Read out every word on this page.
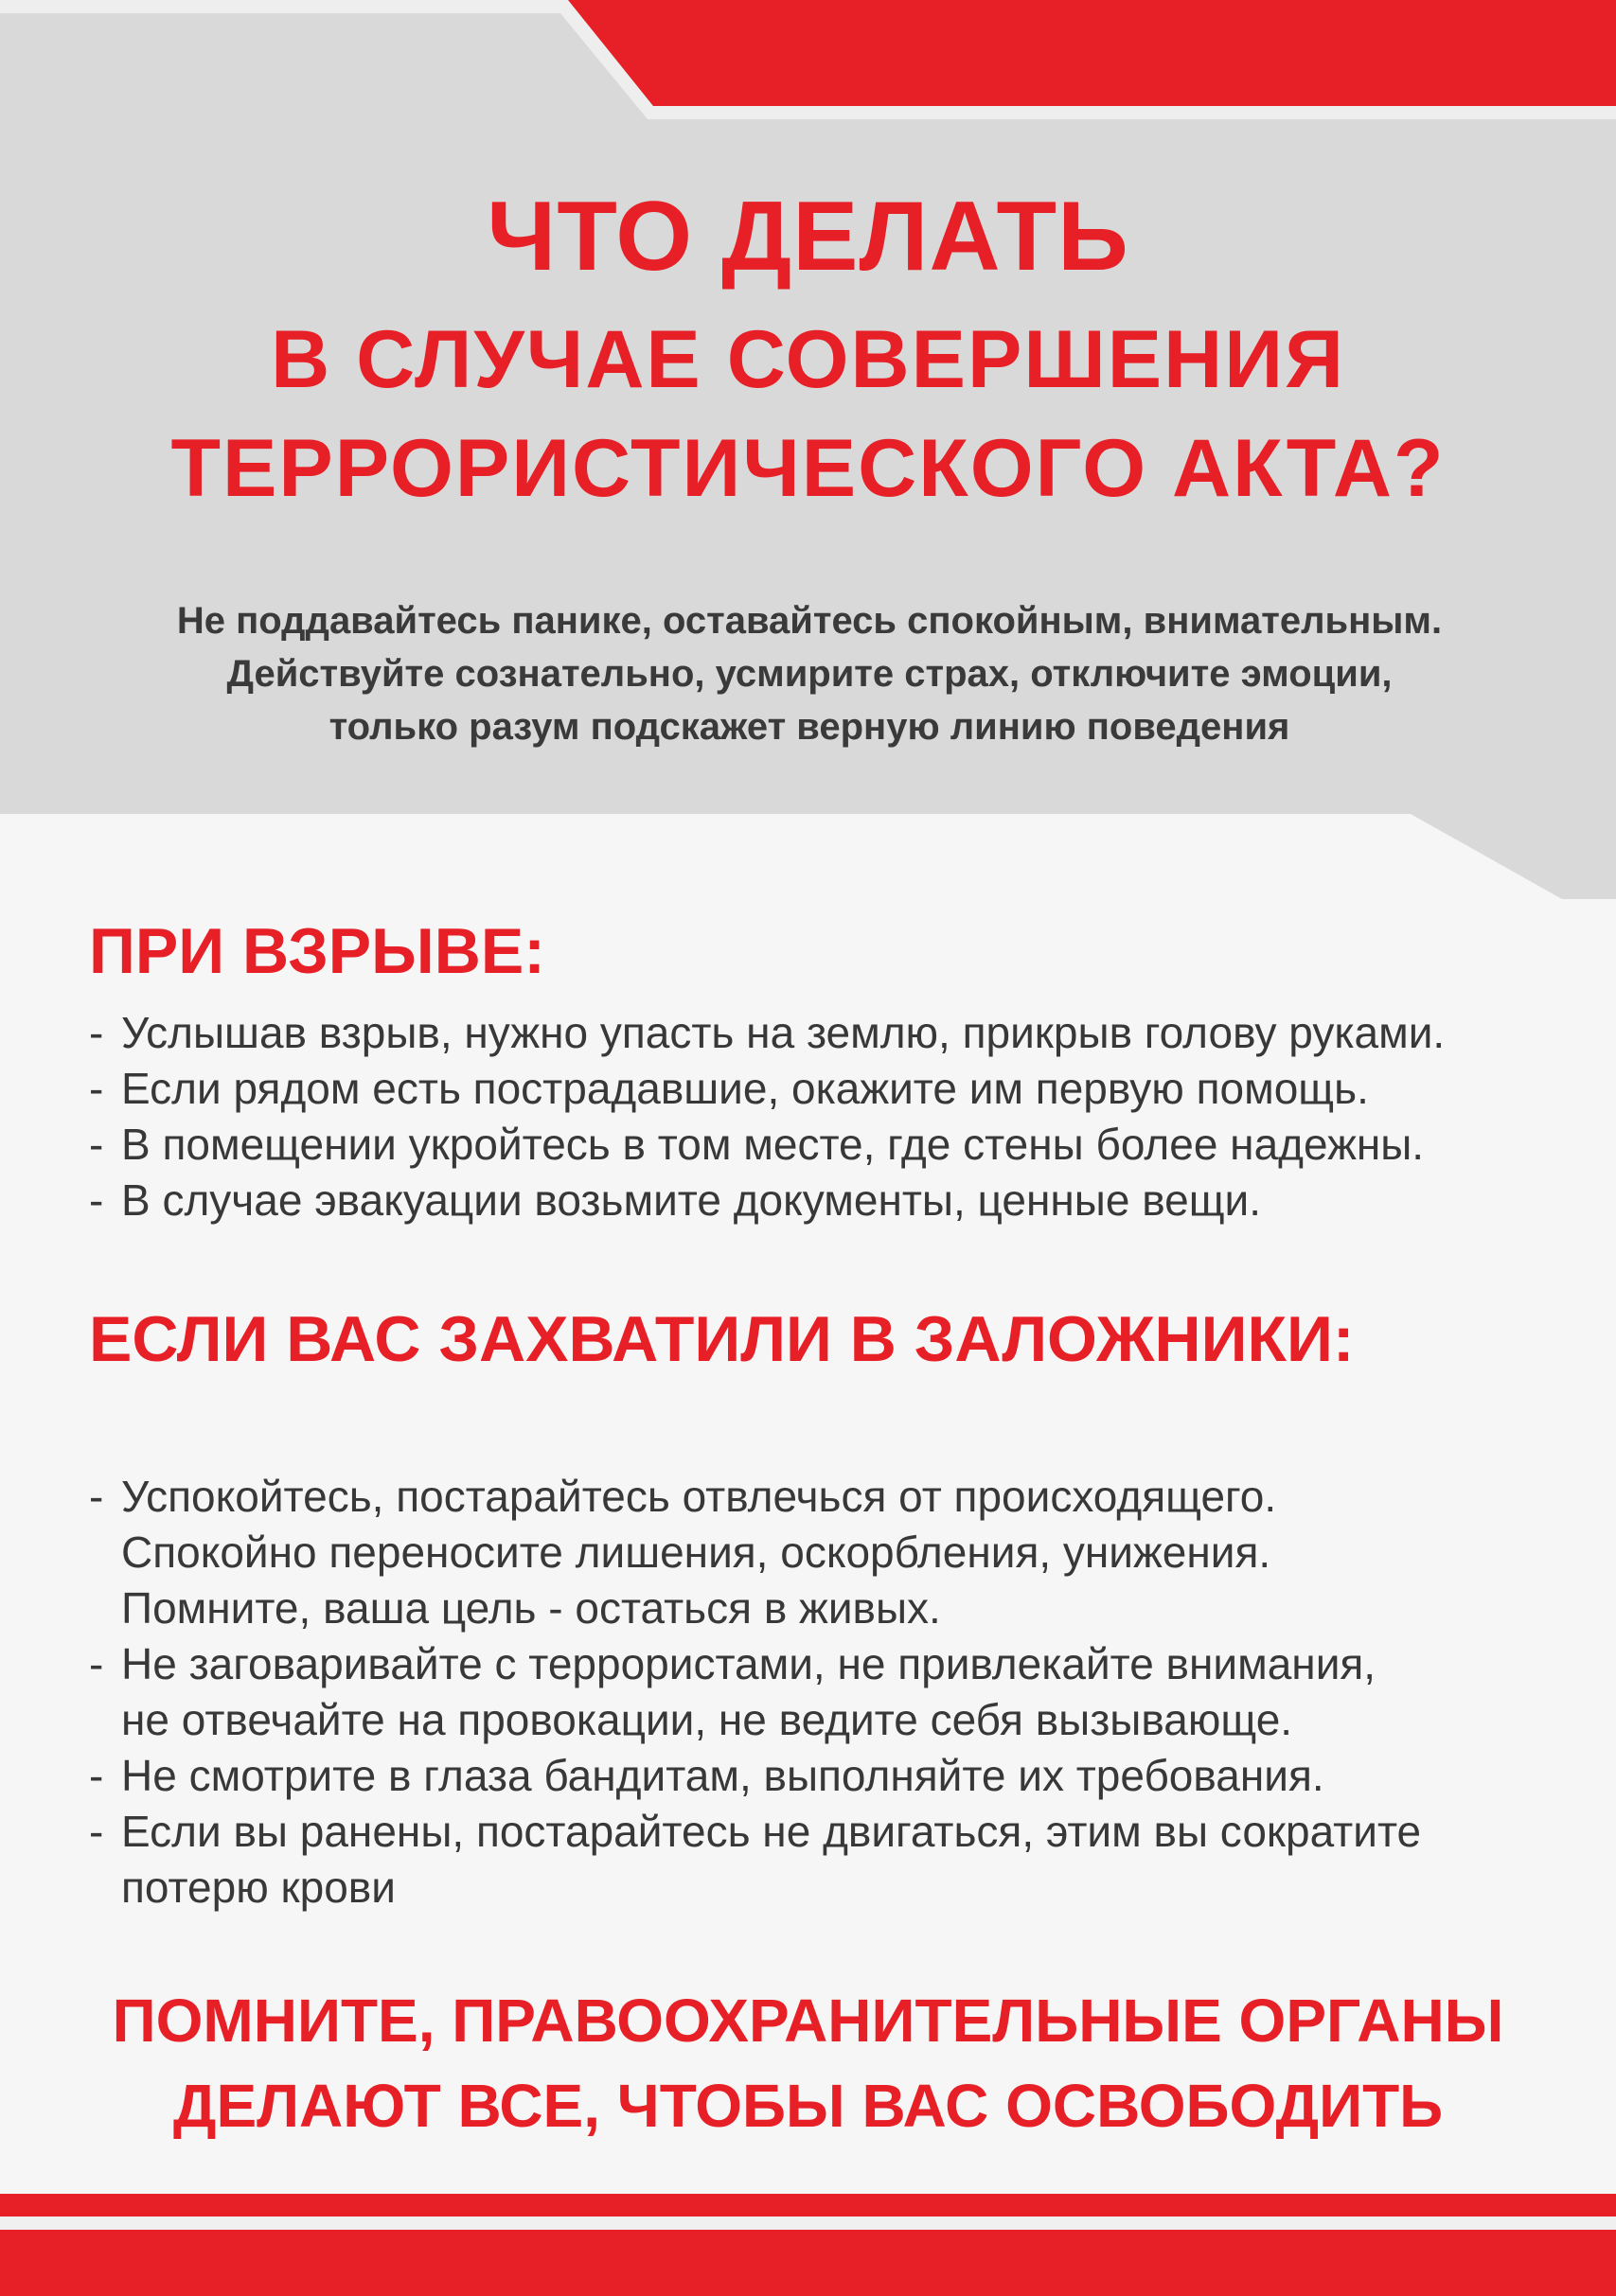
ЧТО ДЕЛАТЬ
В СЛУЧАЕ СОВЕРШЕНИЯ
ТЕРРОРИСТИЧЕСКОГО АКТА?
Не поддавайтесь панике, оставайтесь спокойным, внимательным.
Действуйте сознательно, усмирите страх, отключите эмоции,
только разум подскажет верную линию поведения
ПРИ ВЗРЫВЕ:
- Услышав взрыв, нужно упасть на землю, прикрыв голову руками.
- Если рядом есть пострадавшие, окажите им первую помощь.
- В помещении укройтесь в том месте, где стены более надежны.
- В случае эвакуации возьмите документы, ценные вещи.
ЕСЛИ ВАС ЗАХВАТИЛИ В ЗАЛОЖНИКИ:
- Успокойтесь, постарайтесь отвлечься от происходящего.
Спокойно переносите лишения, оскорбления, унижения.
Помните, ваша цель - остаться в живых.
- Не заговаривайте с террористами, не привлекайте внимания,
не отвечайте на провокации, не ведите себя вызывающе.
- Не смотрите в глаза бандитам, выполняйте их требования.
- Если вы ранены, постарайтесь не двигаться, этим вы сократите
потерю крови
ПОМНИТЕ, ПРАВООХРАНИТЕЛЬНЫЕ ОРГАНЫ
ДЕЛАЮТ ВСЕ, ЧТОБЫ ВАС ОСВОБОДИТЬ
